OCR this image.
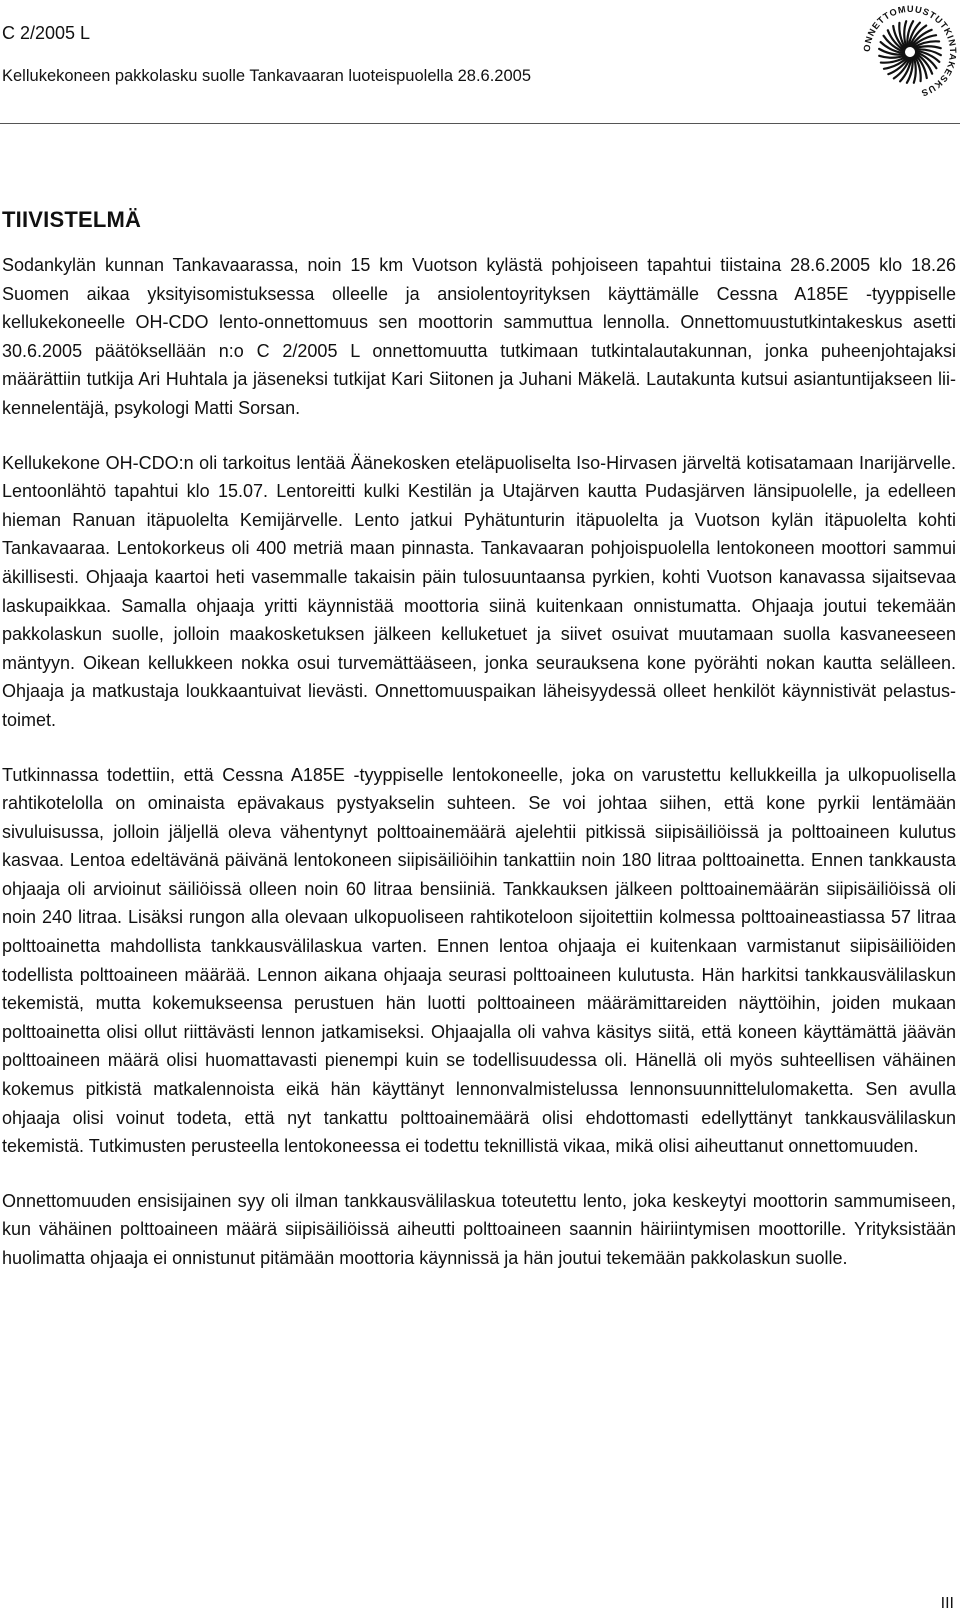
C 2/2005 L
Kellukekoneen pakkolasku suolle Tankavaaran luoteispuolella 28.6.2005
ONNETTOMUUSTUTKINTAKESKUS
TIIVISTELMÄ

Sodankylän kunnan Tankavaarassa, noin 15 km Vuotson kylästä pohjoiseen tapahtui tiistaina 28.6.2005 klo 18.26 Suomen aikaa yksityisomistuksessa olleelle ja ansiolentoyrityksen käyttämälle Cessna A185E -tyyppiselle kellukekoneelle OH-CDO lento-onnettomuus sen moottorin sammuttua lennolla. Onnettomuustutkintakeskus asetti 30.6.2005 päätöksellään n:o C 2/2005 L onnettomuutta tutkimaan tutkintalautakunnan, jonka puheenjohtajaksi määrättiin tutkija Ari Huhtala ja jäseneksi tutkijat Kari Siitonen ja Juhani Mäkelä. Lautakunta kutsui asiantuntijakseen liikennelentäjä, psykologi Matti Sorsan.

Kellukekone OH-CDO:n oli tarkoitus lentää Äänekosken eteläpuoliselta Iso-Hirvasen järveltä kotisatamaan Inarijärvelle. Lentoonlähtö tapahtui klo 15.07. Lentoreitti kulki Kestilän ja Utajärven kautta Pudasjärven länsipuolelle, ja edelleen hieman Ranuan itäpuolelta Kemijärvelle. Lento jatkui Pyhätunturin itäpuolelta ja Vuotson kylän itäpuolelta kohti Tankavaaraa. Lentokorkeus oli 400 metriä maan pinnasta. Tankavaaran pohjoispuolella lentokoneen moottori sammui äkillisesti. Ohjaaja kaartoi heti vasemmalle takaisin päin tulosuuntaansa pyrkien, kohti Vuotson kanavassa sijaitsevaa laskupaikkaa. Samalla ohjaaja yritti käynnistää moottoria siinä kuitenkaan onnistumatta. Ohjaaja joutui tekemään pakkolaskun suolle, jolloin maakosketuksen jälkeen kelluketuet ja siivet osuivat muutamaan suolla kasvaneeseen mäntyyn. Oikean kellukkeen nokka osui turvemättääseen, jonka seurauksena kone pyörähti nokan kautta selälleen. Ohjaaja ja matkustaja loukkaantuivat lievästi. Onnettomuuspaikan läheisyydessä olleet henkilöt käynnistivät pelastustoimet.

Tutkinnassa todettiin, että Cessna A185E -tyyppiselle lentokoneelle, joka on varustettu kellukkeilla ja ulkopuolisella rahtikotelolla on ominaista epävakaus pystyakselin suhteen. Se voi johtaa siihen, että kone pyrkii lentämään sivuluisussa, jolloin jäljellä oleva vähentynyt polttoainemäärä ajelehtii pitkissä siipisäiliöissä ja polttoaineen kulutus kasvaa. Lentoa edeltävänä päivänä lentokoneen siipisäiliöihin tankattiin noin 180 litraa polttoainetta. Ennen tankkausta ohjaaja oli arvioinut säiliöissä olleen noin 60 litraa bensiiniä. Tankkauksen jälkeen polttoainemäärän siipisäiliöissä oli noin 240 litraa. Lisäksi rungon alla olevaan ulkopuoliseen rahtikoteloon sijoitettiin kolmessa polttoaineastiassa 57 litraa polttoainetta mahdollista tankkausvälilaskua varten. Ennen lentoa ohjaaja ei kuitenkaan varmistanut siipisäiliöiden todellista polttoaineen määrää. Lennon aikana ohjaaja seurasi polttoaineen kulutusta. Hän harkitsi tankkausvälilaskun tekemistä, mutta kokemukseensa perustuen hän luotti polttoaineen määrämittareiden näyttöihin, joiden mukaan polttoainetta olisi ollut riittävästi lennon jatkamiseksi. Ohjaajalla oli vahva käsitys siitä, että koneen käyttämättä jäävän polttoaineen määrä olisi huomattavasti pienempi kuin se todellisuudessa oli. Hänellä oli myös suhteellisen vähäinen kokemus pitkistä matkalennoista eikä hän käyttänyt lennonvalmistelussa lennonsuunnittelulomaketta. Sen avulla ohjaaja olisi voinut todeta, että nyt tankattu polttoainemäärä olisi ehdottomasti edellyttänyt tankkausvälilaskun tekemistä. Tutkimusten perusteella lentokoneessa ei todettu teknillistä vikaa, mikä olisi aiheuttanut onnettomuuden.

Onnettomuuden ensisijainen syy oli ilman tankkausvälilaskua toteutettu lento, joka keskeytyi moottorin sammumiseen, kun vähäinen polttoaineen määrä siipisäiliöissä aiheutti polttoaineen saannin häiriintymisen moottorille. Yrityksistään huolimatta ohjaaja ei onnistunut pitämään moottoria käynnissä ja hän joutui tekemään pakkolaskun suolle.

III
